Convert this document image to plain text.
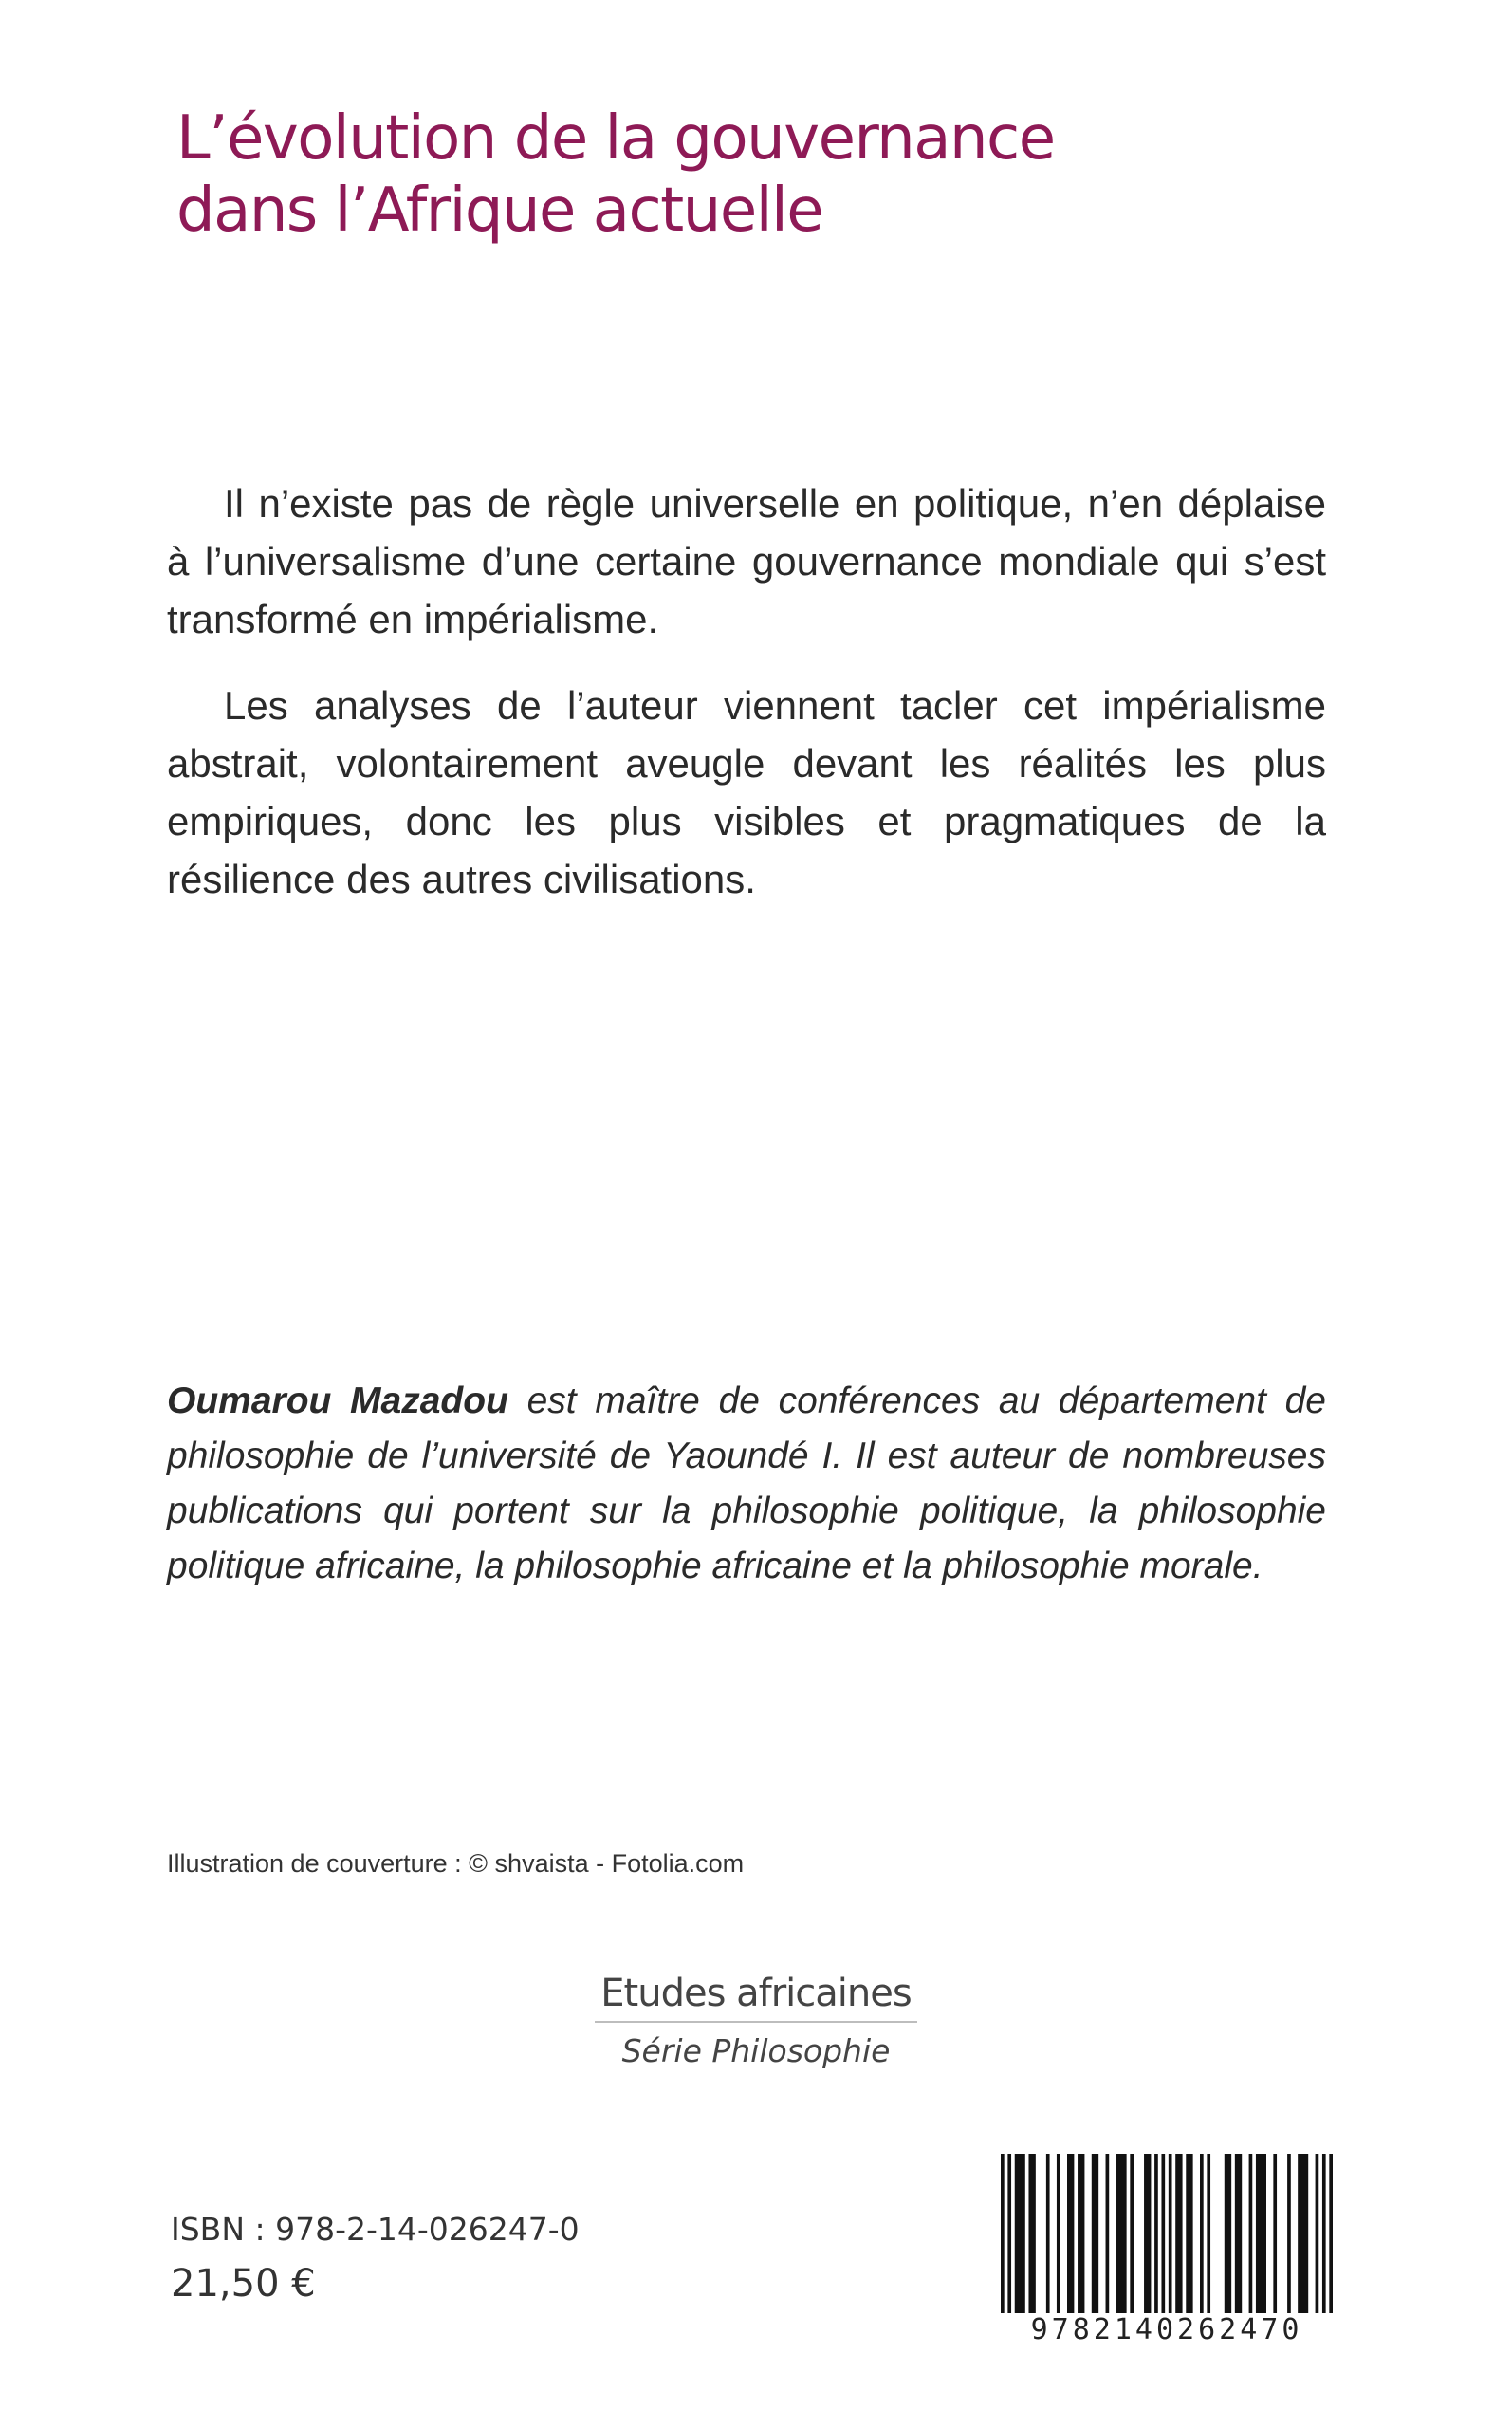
L’évolution de la gouvernance
dans l’Afrique actuelle

Il n’existe pas de règle universelle en politique, n’en déplaise à l’universalisme d’une certaine gouvernance mondiale qui s’est transformé en impérialisme.

Les analyses de l’auteur viennent tacler cet impérialisme abstrait, volontairement aveugle devant les réalités les plus empiriques, donc les plus visibles et pragmatiques de la résilience des autres civilisations.

Oumarou Mazadou est maître de conférences au département de philosophie de l’université de Yaoundé I. Il est auteur de nombreuses publications qui portent sur la philosophie politique, la philosophie politique africaine, la philosophie africaine et la philosophie morale.

Illustration de couverture : © shvaista - Fotolia.com

Etudes africaines
Série Philosophie

ISBN : 978-2-14-026247-0

21,50 €

9782140262470
